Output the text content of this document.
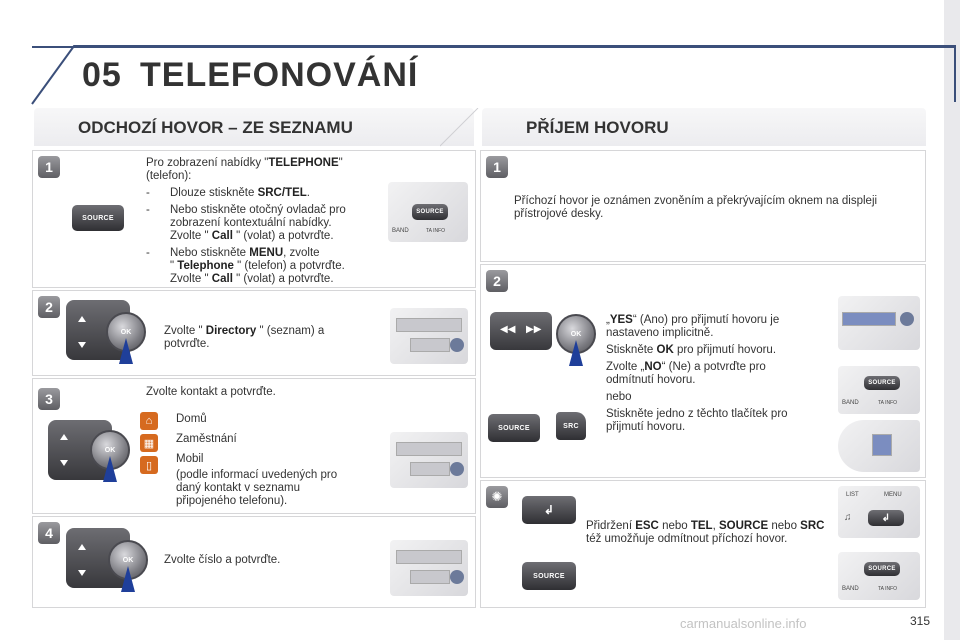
05 TELEFONOVÁNÍ
ODCHOZÍ HOVOR – ZE SEZNAMU	PŘÍJEM HOVORU
1
SOURCE
Pro zobrazení nabídky "TELEPHONE"
(telefon):
- Dlouze stiskněte SRC/TEL.
- Nebo stiskněte otočný ovladač pro zobrazení kontextuální nabídky.
Zvolte " Call " (volat) a potvrďte.
- Nebo stiskněte MENU, zvolte
" Telephone " (telefon) a potvrďte.
Zvolte " Call " (volat) a potvrďte.
SOURCE
BAND	TA INFO
2
OK	Zvolte " Directory " (seznam) a
potvrďte.
3	Zvolte kontakt a potvrďte.
OK
⌂
▦
▯
Domů
Zaměstnání
Mobil
(podle informací uvedených pro daný kontakt v seznamu připojeného telefonu).
4
OK	Zvolte číslo a potvrďte.
1
Příchozí hovor je oznámen zvoněním a překrývajícím oknem na displeji přístrojové desky.
2
◀◀ ▶▶	OK
SOURCE	SRC
„YES“ (Ano) pro přijmutí hovoru je nastaveno implicitně.
Stiskněte OK pro přijmutí hovoru.
Zvolte „NO“ (Ne) a potvrďte pro odmítnutí hovoru.
nebo
Stiskněte jedno z těchto tlačítek pro přijmutí hovoru.
SOURCE
BAND	TA INFO
✺
↲
SOURCE
Přidržení ESC nebo TEL, SOURCE nebo SRC též umožňuje odmítnout příchozí hovor.
LIST	MENU
↲
♫
SOURCE
BAND	TA INFO
carmanualsonline.info	315
